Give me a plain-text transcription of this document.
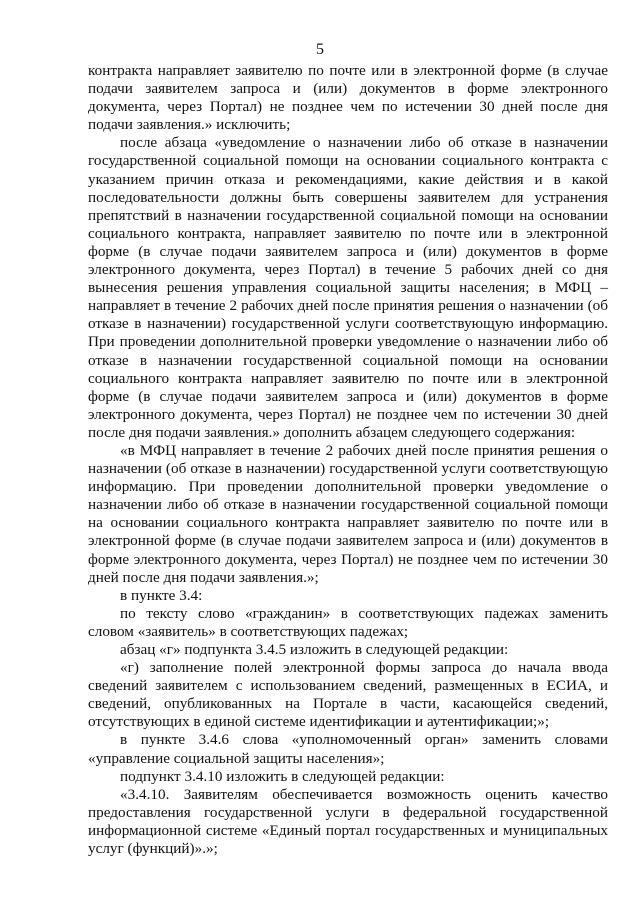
5

контракта направляет заявителю по почте или в электронной форме (в случае подачи заявителем запроса и (или) документов в форме электронного документа, через Портал) не позднее чем по истечении 30 дней после дня подачи заявления.» исключить;

после абзаца «уведомление о назначении либо об отказе в назначении государственной социальной помощи на основании социального контракта с указанием причин отказа и рекомендациями, какие действия и в какой последовательности должны быть совершены заявителем для устранения препятствий в назначении государственной социальной помощи на основании социального контракта, направляет заявителю по почте или в электронной форме (в случае подачи заявителем запроса и (или) документов в форме электронного документа, через Портал) в течение 5 рабочих дней со дня вынесения решения управления социальной защиты населения; в МФЦ – направляет в течение 2 рабочих дней после принятия решения о назначении (об отказе в назначении) государственной услуги соответствующую информацию. При проведении дополнительной проверки уведомление о назначении либо об отказе в назначении государственной социальной помощи на основании социального контракта направляет заявителю по почте или в электронной форме (в случае подачи заявителем запроса и (или) документов в форме электронного документа, через Портал) не позднее чем по истечении 30 дней после дня подачи заявления.» дополнить абзацем следующего содержания:

«в МФЦ направляет в течение 2 рабочих дней после принятия решения о назначении (об отказе в назначении) государственной услуги соответствующую информацию. При проведении дополнительной проверки уведомление о назначении либо об отказе в назначении государственной социальной помощи на основании социального контракта направляет заявителю по почте или в электронной форме (в случае подачи заявителем запроса и (или) документов в форме электронного документа, через Портал) не позднее чем по истечении 30 дней после дня подачи заявления.»;

в пункте 3.4:

по тексту слово «гражданин» в соответствующих падежах заменить словом «заявитель» в соответствующих падежах;

абзац «г» подпункта 3.4.5 изложить в следующей редакции:

«г) заполнение полей электронной формы запроса до начала ввода сведений заявителем с использованием сведений, размещенных в ЕСИА, и сведений, опубликованных на Портале в части, касающейся сведений, отсутствующих в единой системе идентификации и аутентификации;»;

в пункте 3.4.6 слова «уполномоченный орган» заменить словами «управление социальной защиты населения»;

подпункт 3.4.10 изложить в следующей редакции:

«3.4.10. Заявителям обеспечивается возможность оценить качество предоставления государственной услуги в федеральной государственной информационной системе «Единый портал государственных и муниципальных услуг (функций)».»;
